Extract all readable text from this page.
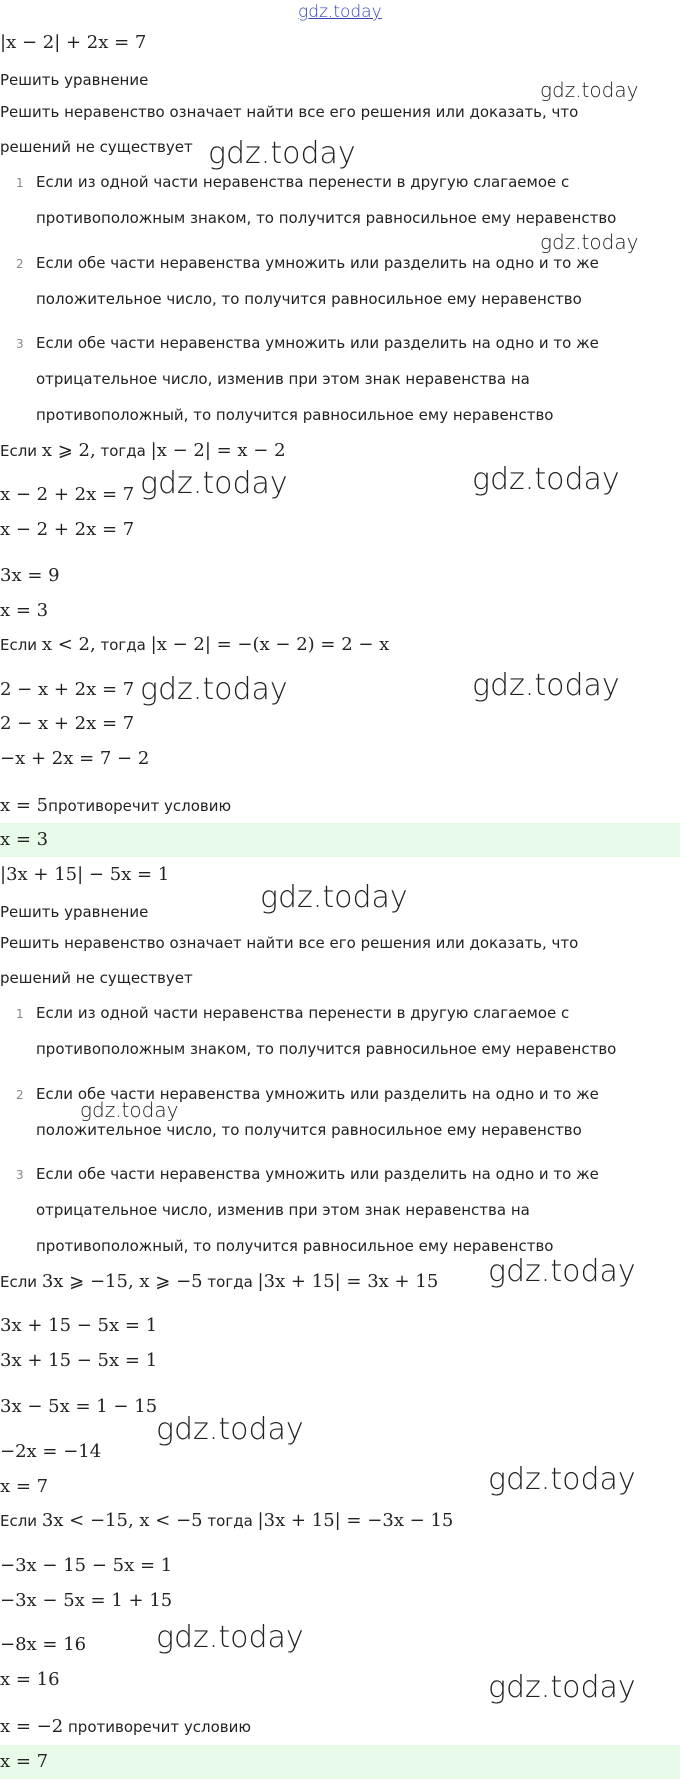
gdz.today
|x − 2| + 2x = 7
Решить уравнение
Решить неравенство означает найти все его решения или доказать, что
решений не существует
1 Если из одной части неравенства перенести в другую слагаемое с
противоположным знаком, то получится равносильное ему неравенство
2 Если обе части неравенства умножить или разделить на одно и то же
положительное число, то получится равносильное ему неравенство
3 Если обе части неравенства умножить или разделить на одно и то же
отрицательное число, изменив при этом знак неравенства на
противоположный, то получится равносильное ему неравенство
Если x ⩾ 2, тогда |x − 2| = x − 2
x − 2 + 2x = 7
x − 2 + 2x = 7
3x = 9
x = 3
Если x < 2, тогда |x − 2| = −(x − 2) = 2 − x
2 − x + 2x = 7
2 − x + 2x = 7
−x + 2x = 7 − 2
x = 5противоречит условию
x = 3
|3x + 15| − 5x = 1
Решить уравнение
Решить неравенство означает найти все его решения или доказать, что
решений не существует
1 Если из одной части неравенства перенести в другую слагаемое с
противоположным знаком, то получится равносильное ему неравенство
2 Если обе части неравенства умножить или разделить на одно и то же
положительное число, то получится равносильное ему неравенство
3 Если обе части неравенства умножить или разделить на одно и то же
отрицательное число, изменив при этом знак неравенства на
противоположный, то получится равносильное ему неравенство
Если 3x ⩾ −15, x ⩾ −5 тогда |3x + 15| = 3x + 15
3x + 15 − 5x = 1
3x + 15 − 5x = 1
3x − 5x = 1 − 15
−2x = −14
x = 7
Если 3x < −15, x < −5 тогда |3x + 15| = −3x − 15
−3x − 15 − 5x = 1
−3x − 5x = 1 + 15
−8x = 16
x = 16
x = −2 противоречит условию
x = 7
gdz.today
gdz.today
gdz.today
gdz.today	gdz.today
gdz.today	gdz.today
gdz.today
gdz.today
gdz.today
gdz.today
gdz.today
gdz.today
gdz.today
